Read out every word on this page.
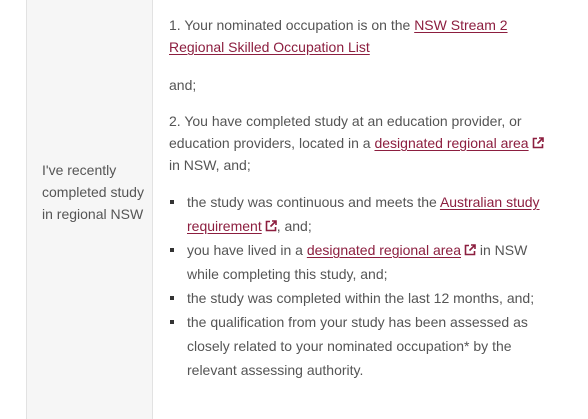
I've recently completed study in regional NSW

1. Your nominated occupation is on the NSW Stream 2 Regional Skilled Occupation List

and;

2. You have completed study at an education provider, or education providers, located in a designated regional area in NSW, and;

the study was continuous and meets the Australian study requirement , and;
you have lived in a designated regional area in NSW while completing this study, and;
the study was completed within the last 12 months, and;
the qualification from your study has been assessed as closely related to your nominated occupation* by the relevant assessing authority.
